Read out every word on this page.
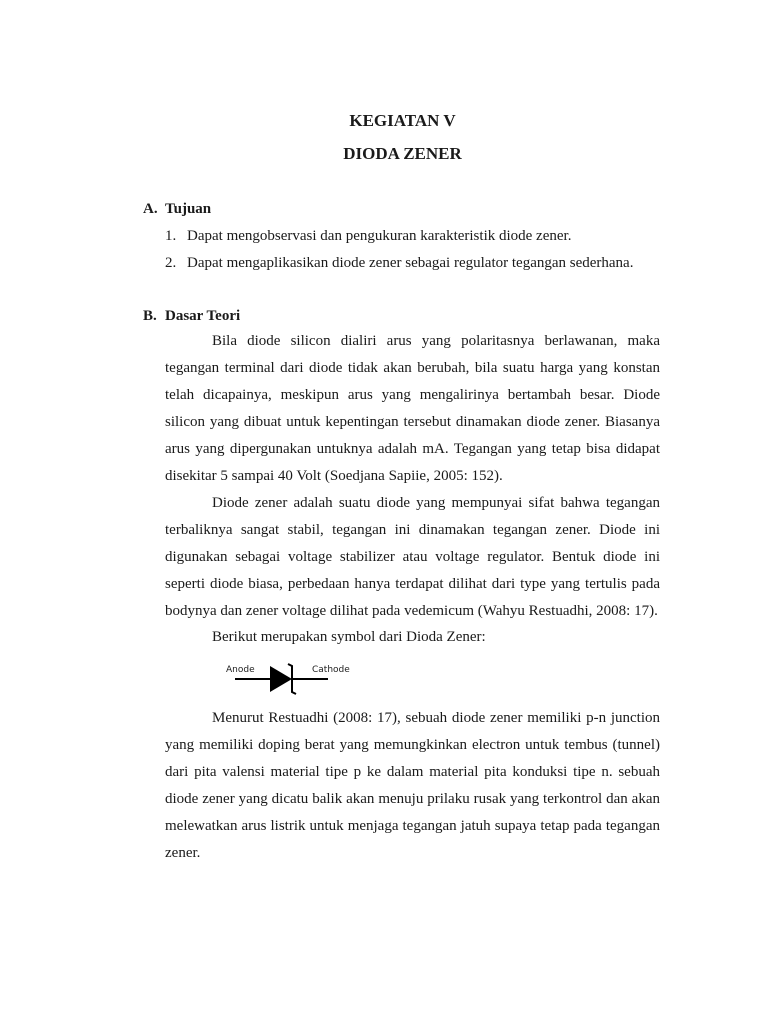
KEGIATAN V
DIODA ZENER
A. Tujuan
1. Dapat mengobservasi dan pengukuran karakteristik diode zener.
2. Dapat mengaplikasikan diode zener sebagai regulator tegangan sederhana.
B. Dasar Teori

Bila diode silicon dialiri arus yang polaritasnya berlawanan, maka tegangan terminal dari diode tidak akan berubah, bila suatu harga yang konstan telah dicapainya, meskipun arus yang mengalirinya bertambah besar. Diode silicon yang dibuat untuk kepentingan tersebut dinamakan diode zener. Biasanya arus yang dipergunakan untuknya adalah mA. Tegangan yang tetap bisa didapat disekitar 5 sampai 40 Volt (Soedjana Sapiie, 2005: 152).

Diode zener adalah suatu diode yang mempunyai sifat bahwa tegangan terbaliknya sangat stabil, tegangan ini dinamakan tegangan zener. Diode ini digunakan sebagai voltage stabilizer atau voltage regulator. Bentuk diode ini seperti diode biasa, perbedaan hanya terdapat dilihat dari type yang tertulis pada bodynya dan zener voltage dilihat pada vedemicum (Wahyu Restuadhi, 2008: 17).

Berikut merupakan symbol dari Dioda Zener:
Anode	Cathode

Menurut Restuadhi (2008: 17), sebuah diode zener memiliki p-n junction yang memiliki doping berat yang memungkinkan electron untuk tembus (tunnel) dari pita valensi material tipe p ke dalam material pita konduksi tipe n. sebuah diode zener yang dicatu balik akan menuju prilaku rusak yang terkontrol dan akan melewatkan arus listrik untuk menjaga tegangan jatuh supaya tetap pada tegangan zener.
